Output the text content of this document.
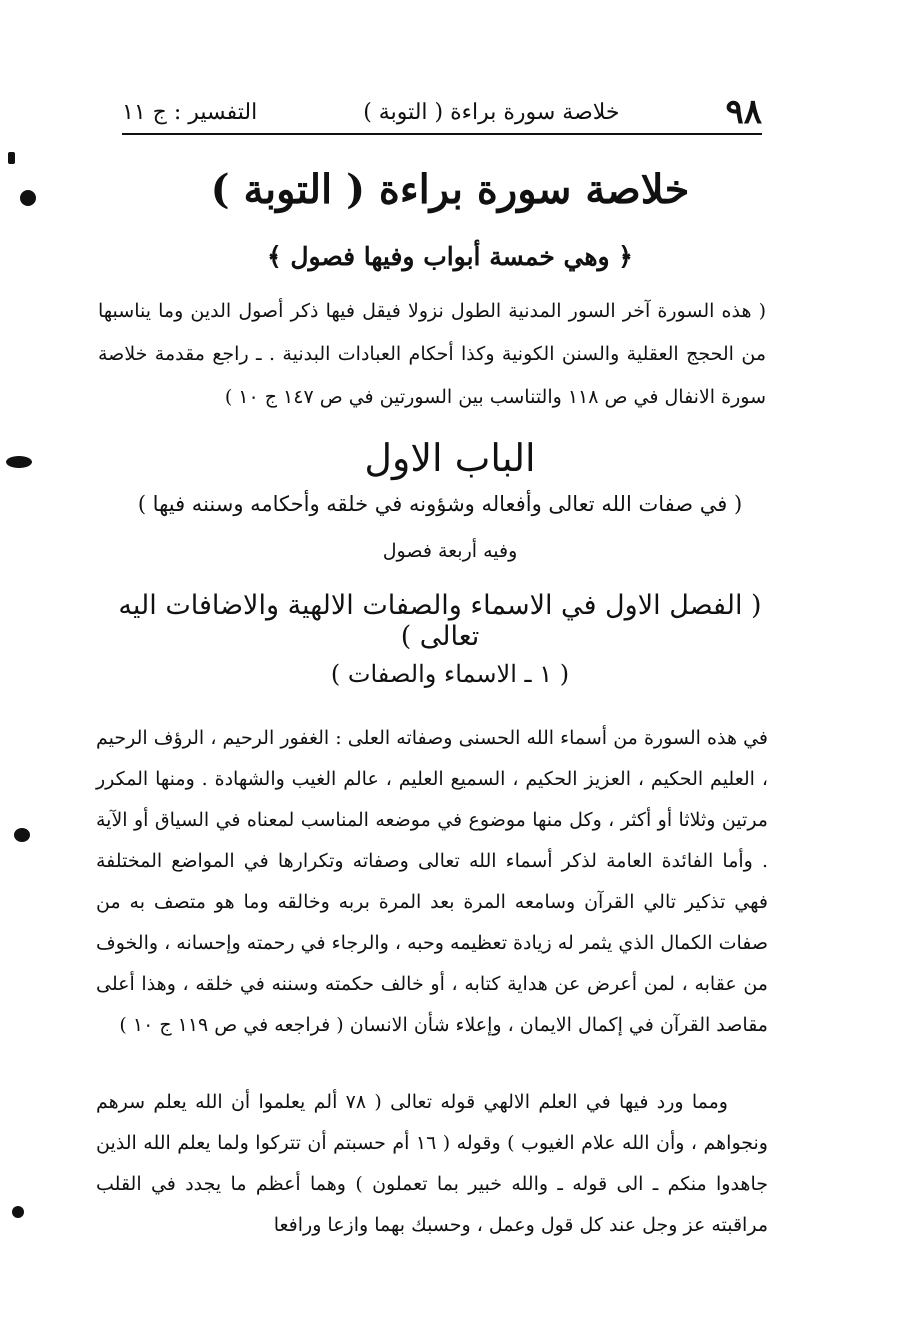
٩٨
خلاصة سورة براءة ( التوبة )
التفسير : ج ١١
خلاصة سورة براءة ( التوبة )
﴿ وهي خمسة أبواب وفيها فصول ﴾
( هذه السورة آخر السور المدنية الطول نزولا فيقل فيها ذكر أصول الدين وما يناسبها من الحجج العقلية والسنن الكونية وكذا أحكام العبادات البدنية . ـ راجع مقدمة خلاصة سورة الانفال في ص ١١٨ والتناسب بين السورتين في ص ١٤٧ ج ١٠ )
الباب الاول
( في صفات الله تعالى وأفعاله وشؤونه في خلقه وأحكامه وسننه فيها )
وفيه أربعة فصول
( الفصل الاول في الاسماء والصفات الالهية والاضافات اليه تعالى )
( ١ ـ الاسماء والصفات )
في هذه السورة من أسماء الله الحسنى وصفاته العلى : الغفور الرحيم ، الرؤف الرحيم ، العليم الحكيم ، العزيز الحكيم ، السميع العليم ، عالم الغيب والشهادة . ومنها المكرر مرتين وثلاثا أو أكثر ، وكل منها موضوع في موضعه المناسب لمعناه في السياق أو الآية . وأما الفائدة العامة لذكر أسماء الله تعالى وصفاته وتكرارها في المواضع المختلفة فهي تذكير تالي القرآن وسامعه المرة بعد المرة بربه وخالقه وما هو متصف به من صفات الكمال الذي يثمر له زيادة تعظيمه وحبه ، والرجاء في رحمته وإحسانه ، والخوف من عقابه ، لمن أعرض عن هداية كتابه ، أو خالف حكمته وسننه في خلقه ، وهذا أعلى مقاصد القرآن في إكمال الايمان ، وإعلاء شأن الانسان ( فراجعه في ص ١١٩ ج ١٠ )
ومما ورد فيها في العلم الالهي قوله تعالى ( ٧٨ ألم يعلموا أن الله يعلم سرهم ونجواهم ، وأن الله علام الغيوب ) وقوله ( ١٦ أم حسبتم أن تتركوا ولما يعلم الله الذين جاهدوا منكم ـ الى قوله ـ والله خبير بما تعملون ) وهما أعظم ما يجدد في القلب مراقبته عز وجل عند كل قول وعمل ، وحسبك بهما وازعا ورافعا
